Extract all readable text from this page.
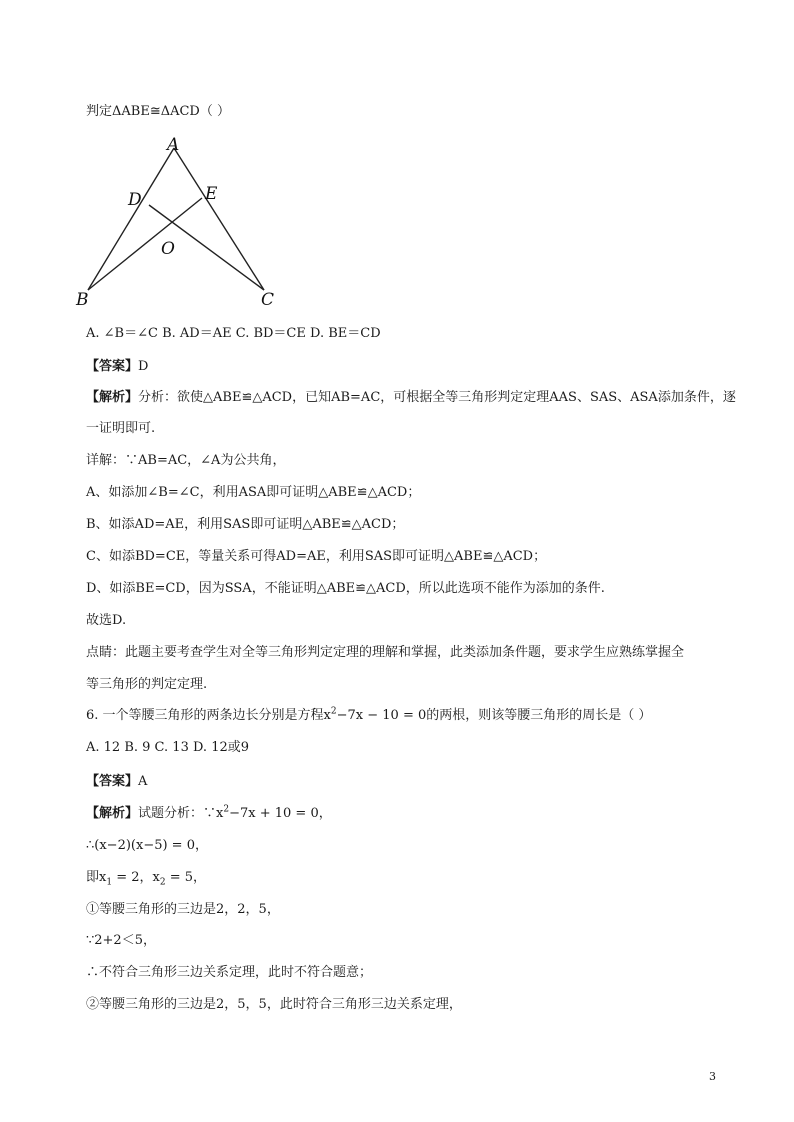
判定ΔABE≅ΔACD（ ）
A
D	E
O
B	C
A. ∠B＝∠C B. AD＝AE C. BD＝CE D. BE＝CD
【答案】D
【解析】分析：欲使△ABE≌△ACD，已知AB=AC，可根据全等三角形判定定理AAS、SAS、ASA添加条件，逐
一证明即可.
详解：∵AB=AC，∠A为公共角，
A、如添加∠B=∠C，利用ASA即可证明△ABE≌△ACD；
B、如添AD=AE，利用SAS即可证明△ABE≌△ACD；
C、如添BD=CE，等量关系可得AD=AE，利用SAS即可证明△ABE≌△ACD；
D、如添BE=CD，因为SSA，不能证明△ABE≌△ACD，所以此选项不能作为添加的条件.
故选D.
点睛：此题主要考查学生对全等三角形判定定理的理解和掌握，此类添加条件题，要求学生应熟练掌握全
等三角形的判定定理.
6. 一个等腰三角形的两条边长分别是方程$x^2-7x - 10 = 0$的两根，则该等腰三角形的周长是（ ）
A. 12 B. 9 C. 13 D. 12或9
【答案】A
【解析】试题分析：$\because x^2-7x + 10 = 0$，
∴(x−2)(x−5) = 0，
即$x_1 = 2$，$x_2 = 5$，
①等腰三角形的三边是2，2，5，
∵2+2＜5，
∴不符合三角形三边关系定理，此时不符合题意；
②等腰三角形的三边是2，5，5，此时符合三角形三边关系定理，
3
